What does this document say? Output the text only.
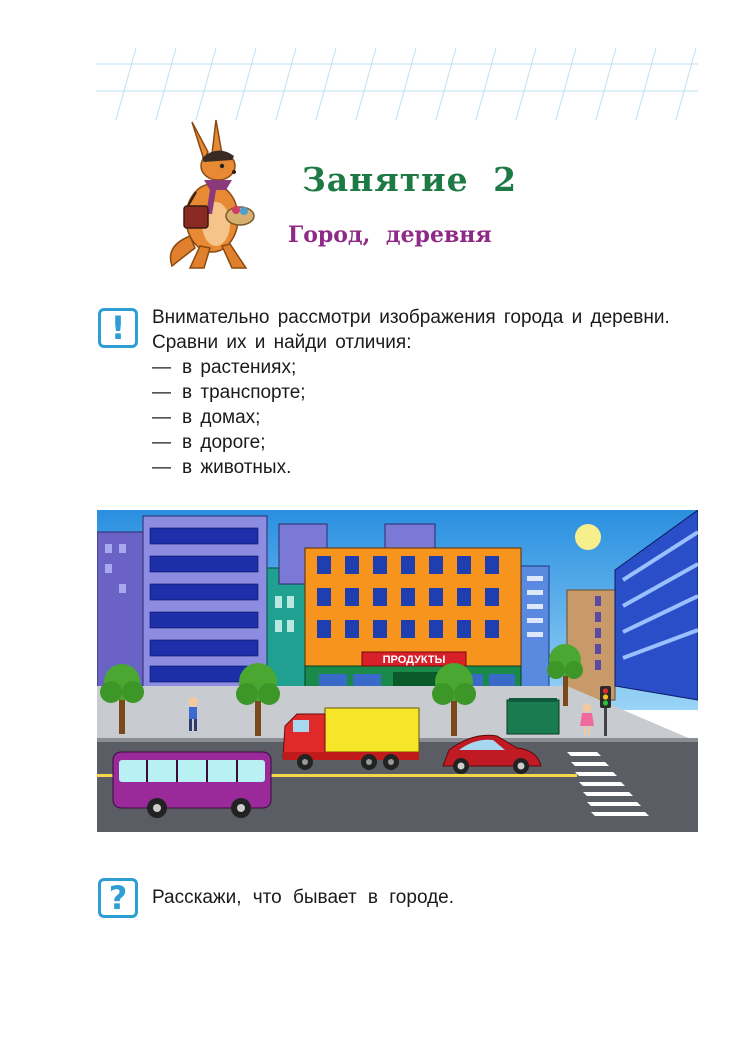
Занятие 2
Город, деревня
!	Внимательно рассмотри изображения города и деревни. Сравни их и найди отличия:

— в растениях;
— в транспорте;
— в домах;
— в дороге;
— в животных.
ПРОДУКТЫ
?	Расскажи, что бывает в городе.
